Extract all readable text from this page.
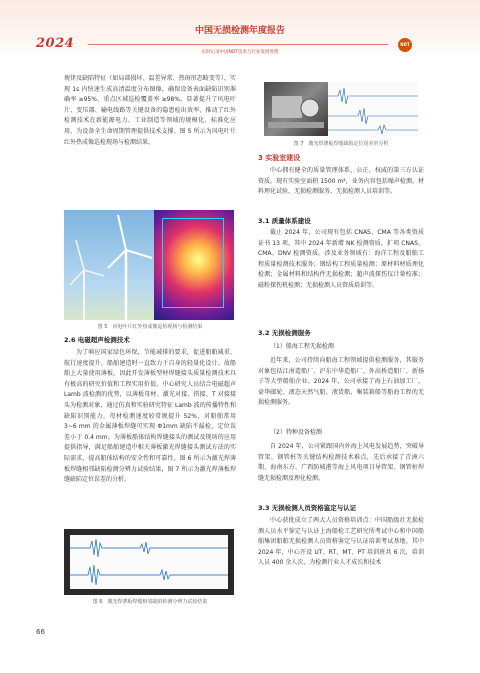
2024
中国无损检测年度报告
实时记录中国NDT技术与行业发展进程
NDT
规律及缺陷特征（如局部损坏、温差异常、热斑形态畸变等），实现 1s 内快速生成高清温度分布图像，确保设备表面缺陷识别准确率 ≥95%、重点区域巡检覆盖率 ≥98%，显著提升了风电叶片、变压器、输电线路等关键设备的隐患检出效率，推动了红外检测技术在新能源电力、工业制造等领域的规模化、标准化应用，为设备全生命周期管理提供技术支撑。图 5 所示为风电叶片红外热成像巡检现场与检测结果。
图 5　风电叶片红外热成像巡检现场与检测结果
2.6 电磁超声检测技术
为了响应国家绿色环保，节能减排的要求，促进船舶减重、航行速度提升，船舶建造时一直致力于自身的轻量化设计。故船舶上大量使用薄板，因此开发薄板型材焊缝接头质量检测技术具有极高的研究价值和工程实用价值。中心研究人员结合电磁超声 Lamb 波检测的优势，以薄板母材、激光对接、搭接、T 对接接头为检测对象，通过仿真和实验研究特征 Lamb 波的传播特性和缺陷识别能力，母材检测速度较常规提升 52%，对船舶常用 3~6 mm 的金属薄板焊缝可实现 Φ1mm 缺陷不漏检，定位误差小于 0.4 mm。为薄板船体结构焊缝接头的测试及现场的应用提供指导，满足船舶建造中相关薄板激光焊缝接头测试方法的实际需求，提高船体结构的安全性和可靠性。图 6 所示为激光焊薄板焊缝相邻缺陷检测分辨力试验结果，图 7 所示为激光焊薄板焊缝缺陷定位误差的分析。
图 6　激光焊薄板焊缝相邻缺陷检测分辨力试验结果
图 7　激光焊薄板焊缝缺陷定位误差的分析
3 实验室建设
中心拥有健全的质量管理体系，公正、权威的第三方认证资质。现有实验室面积 1500 m²，业务内容包括噪声检测、材料理化试验、无损检测服务、无损检测人员培训等。
3.1 质量体系建设
截止 2024 年，公司现有包括 CNAS、CMA 等各类资质证书 13 项，其中 2024 年新增 NK 检测资质，扩项 CNAS、CMA、DNV 检测资质。涉及业务领域有：海洋工程及船舶工程质量检测技术服务；钢结构工程质量检测；原材料材质理化检测；金属材料和结构件无损检测；超声波探伤仪计量校准；磁粉探伤机检测；无损检测人员资质培训等。
3.2 无损检测服务
（1）船海工程无损检测
近年来，公司持续向船海工程领域提供检测服务，其服务对象包括江南造船厂、沪东中华造船厂、外高桥造船厂、新扬子等大型船舶企业。2024 年，公司承接了海上石油加工厂、豪华邮轮、液态天然气船、液货船、集装箱船等船海工程的无损检测服务。
（2）特种设备检测
自 2024 年，公司紧跟国内外海上风电发展趋势，突破导管架、钢管桩等关键结构检测技术难点，先后承接了青洲六期、海南东方、广西防城港等海上风电项目导管架、钢管桩焊缝无损检测及理化检测。
3.3 无损检测人员资格鉴定与认证
中心获批成立了两大人员资格培训点：中国船级社无损检测人员水平鉴定与认证上海船检工艺研究所考试中心和中国船舶集团船舶无损检测人员资格鉴定与认证培训考试基地。其中 2024 年，中心开设 UT、RT、MT、PT 培训班共 6 次，培训人员 400 余人次，为检测行业人才成长和技术
66
